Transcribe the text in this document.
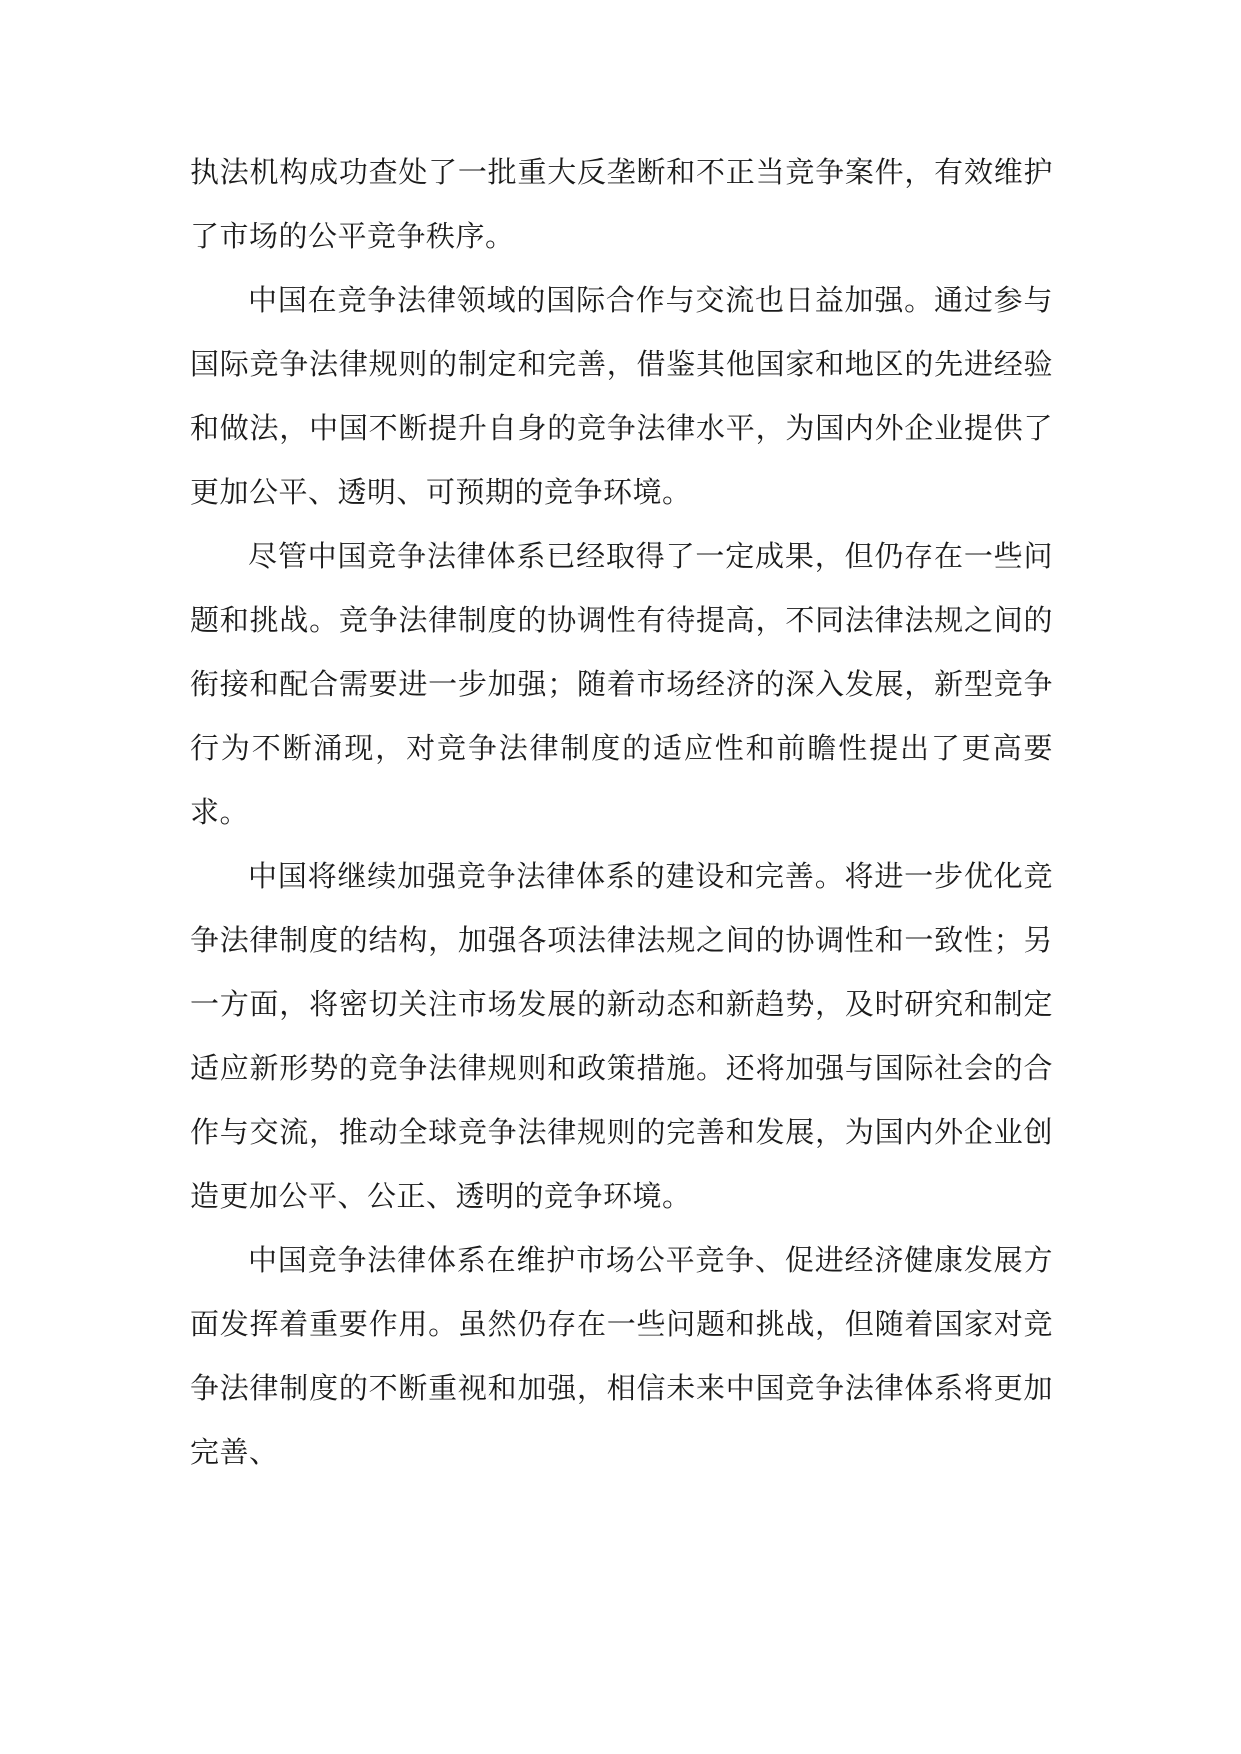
执法机构成功查处了一批重大反垄断和不正当竞争案件，有效维护了市场的公平竞争秩序。

中国在竞争法律领域的国际合作与交流也日益加强。通过参与国际竞争法律规则的制定和完善，借鉴其他国家和地区的先进经验和做法，中国不断提升自身的竞争法律水平，为国内外企业提供了更加公平、透明、可预期的竞争环境。

尽管中国竞争法律体系已经取得了一定成果，但仍存在一些问题和挑战。竞争法律制度的协调性有待提高，不同法律法规之间的衔接和配合需要进一步加强；随着市场经济的深入发展，新型竞争行为不断涌现，对竞争法律制度的适应性和前瞻性提出了更高要求。

中国将继续加强竞争法律体系的建设和完善。将进一步优化竞争法律制度的结构，加强各项法律法规之间的协调性和一致性；另一方面，将密切关注市场发展的新动态和新趋势，及时研究和制定适应新形势的竞争法律规则和政策措施。还将加强与国际社会的合作与交流，推动全球竞争法律规则的完善和发展，为国内外企业创造更加公平、公正、透明的竞争环境。

中国竞争法律体系在维护市场公平竞争、促进经济健康发展方面发挥着重要作用。虽然仍存在一些问题和挑战，但随着国家对竞争法律制度的不断重视和加强，相信未来中国竞争法律体系将更加完善、
